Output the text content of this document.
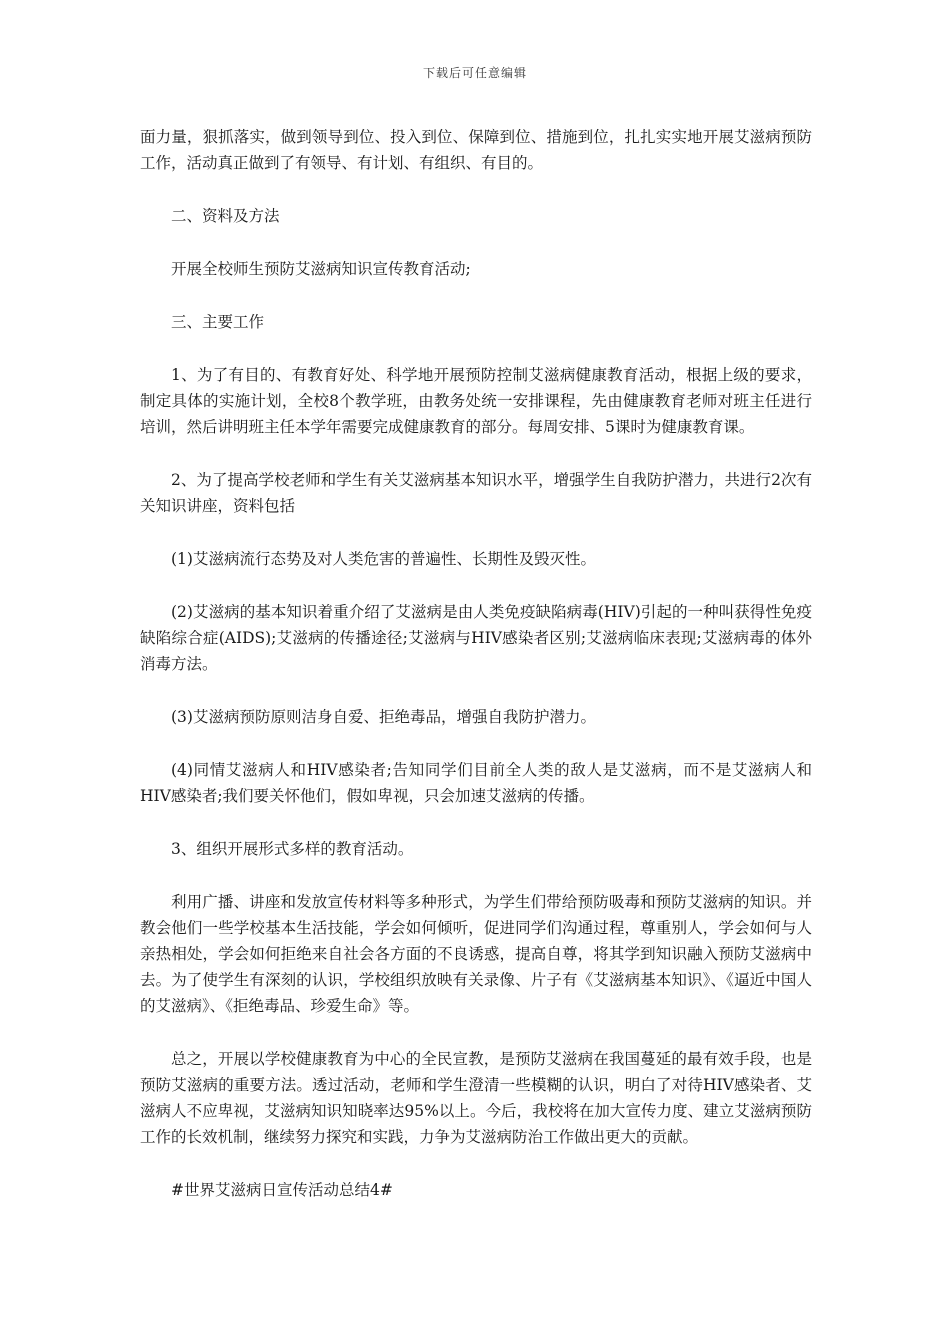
下载后可任意编辑

面力量，狠抓落实，做到领导到位、投入到位、保障到位、措施到位，扎扎实实地开展艾滋病预防工作，活动真正做到了有领导、有计划、有组织、有目的。

二、资料及方法

开展全校师生预防艾滋病知识宣传教育活动;

三、主要工作

1、为了有目的、有教育好处、科学地开展预防控制艾滋病健康教育活动，根据上级的要求，制定具体的实施计划，全校8个教学班，由教务处统一安排课程，先由健康教育老师对班主任进行培训，然后讲明班主任本学年需要完成健康教育的部分。每周安排、5课时为健康教育课。

2、为了提高学校老师和学生有关艾滋病基本知识水平，增强学生自我防护潜力，共进行2次有关知识讲座，资料包括

(1)艾滋病流行态势及对人类危害的普遍性、长期性及毁灭性。

(2)艾滋病的基本知识着重介绍了艾滋病是由人类免疫缺陷病毒(HIV)引起的一种叫获得性免疫缺陷综合症(AIDS);艾滋病的传播途径;艾滋病与HIV感染者区别;艾滋病临床表现;艾滋病毒的体外消毒方法。

(3)艾滋病预防原则洁身自爱、拒绝毒品，增强自我防护潜力。

(4)同情艾滋病人和HIV感染者;告知同学们目前全人类的敌人是艾滋病，而不是艾滋病人和HIV感染者;我们要关怀他们，假如卑视，只会加速艾滋病的传播。

3、组织开展形式多样的教育活动。

利用广播、讲座和发放宣传材料等多种形式，为学生们带给预防吸毒和预防艾滋病的知识。并教会他们一些学校基本生活技能，学会如何倾听，促进同学们沟通过程，尊重别人，学会如何与人亲热相处，学会如何拒绝来自社会各方面的不良诱惑，提高自尊，将其学到知识融入预防艾滋病中去。为了使学生有深刻的认识，学校组织放映有关录像、片子有《艾滋病基本知识》、《逼近中国人的艾滋病》、《拒绝毒品、珍爱生命》等。

总之，开展以学校健康教育为中心的全民宣教，是预防艾滋病在我国蔓延的最有效手段，也是预防艾滋病的重要方法。透过活动，老师和学生澄清一些模糊的认识，明白了对待HIV感染者、艾滋病人不应卑视，艾滋病知识知晓率达95%以上。今后，我校将在加大宣传力度、建立艾滋病预防工作的长效机制，继续努力探究和实践，力争为艾滋病防治工作做出更大的贡献。

#世界艾滋病日宣传活动总结4#
